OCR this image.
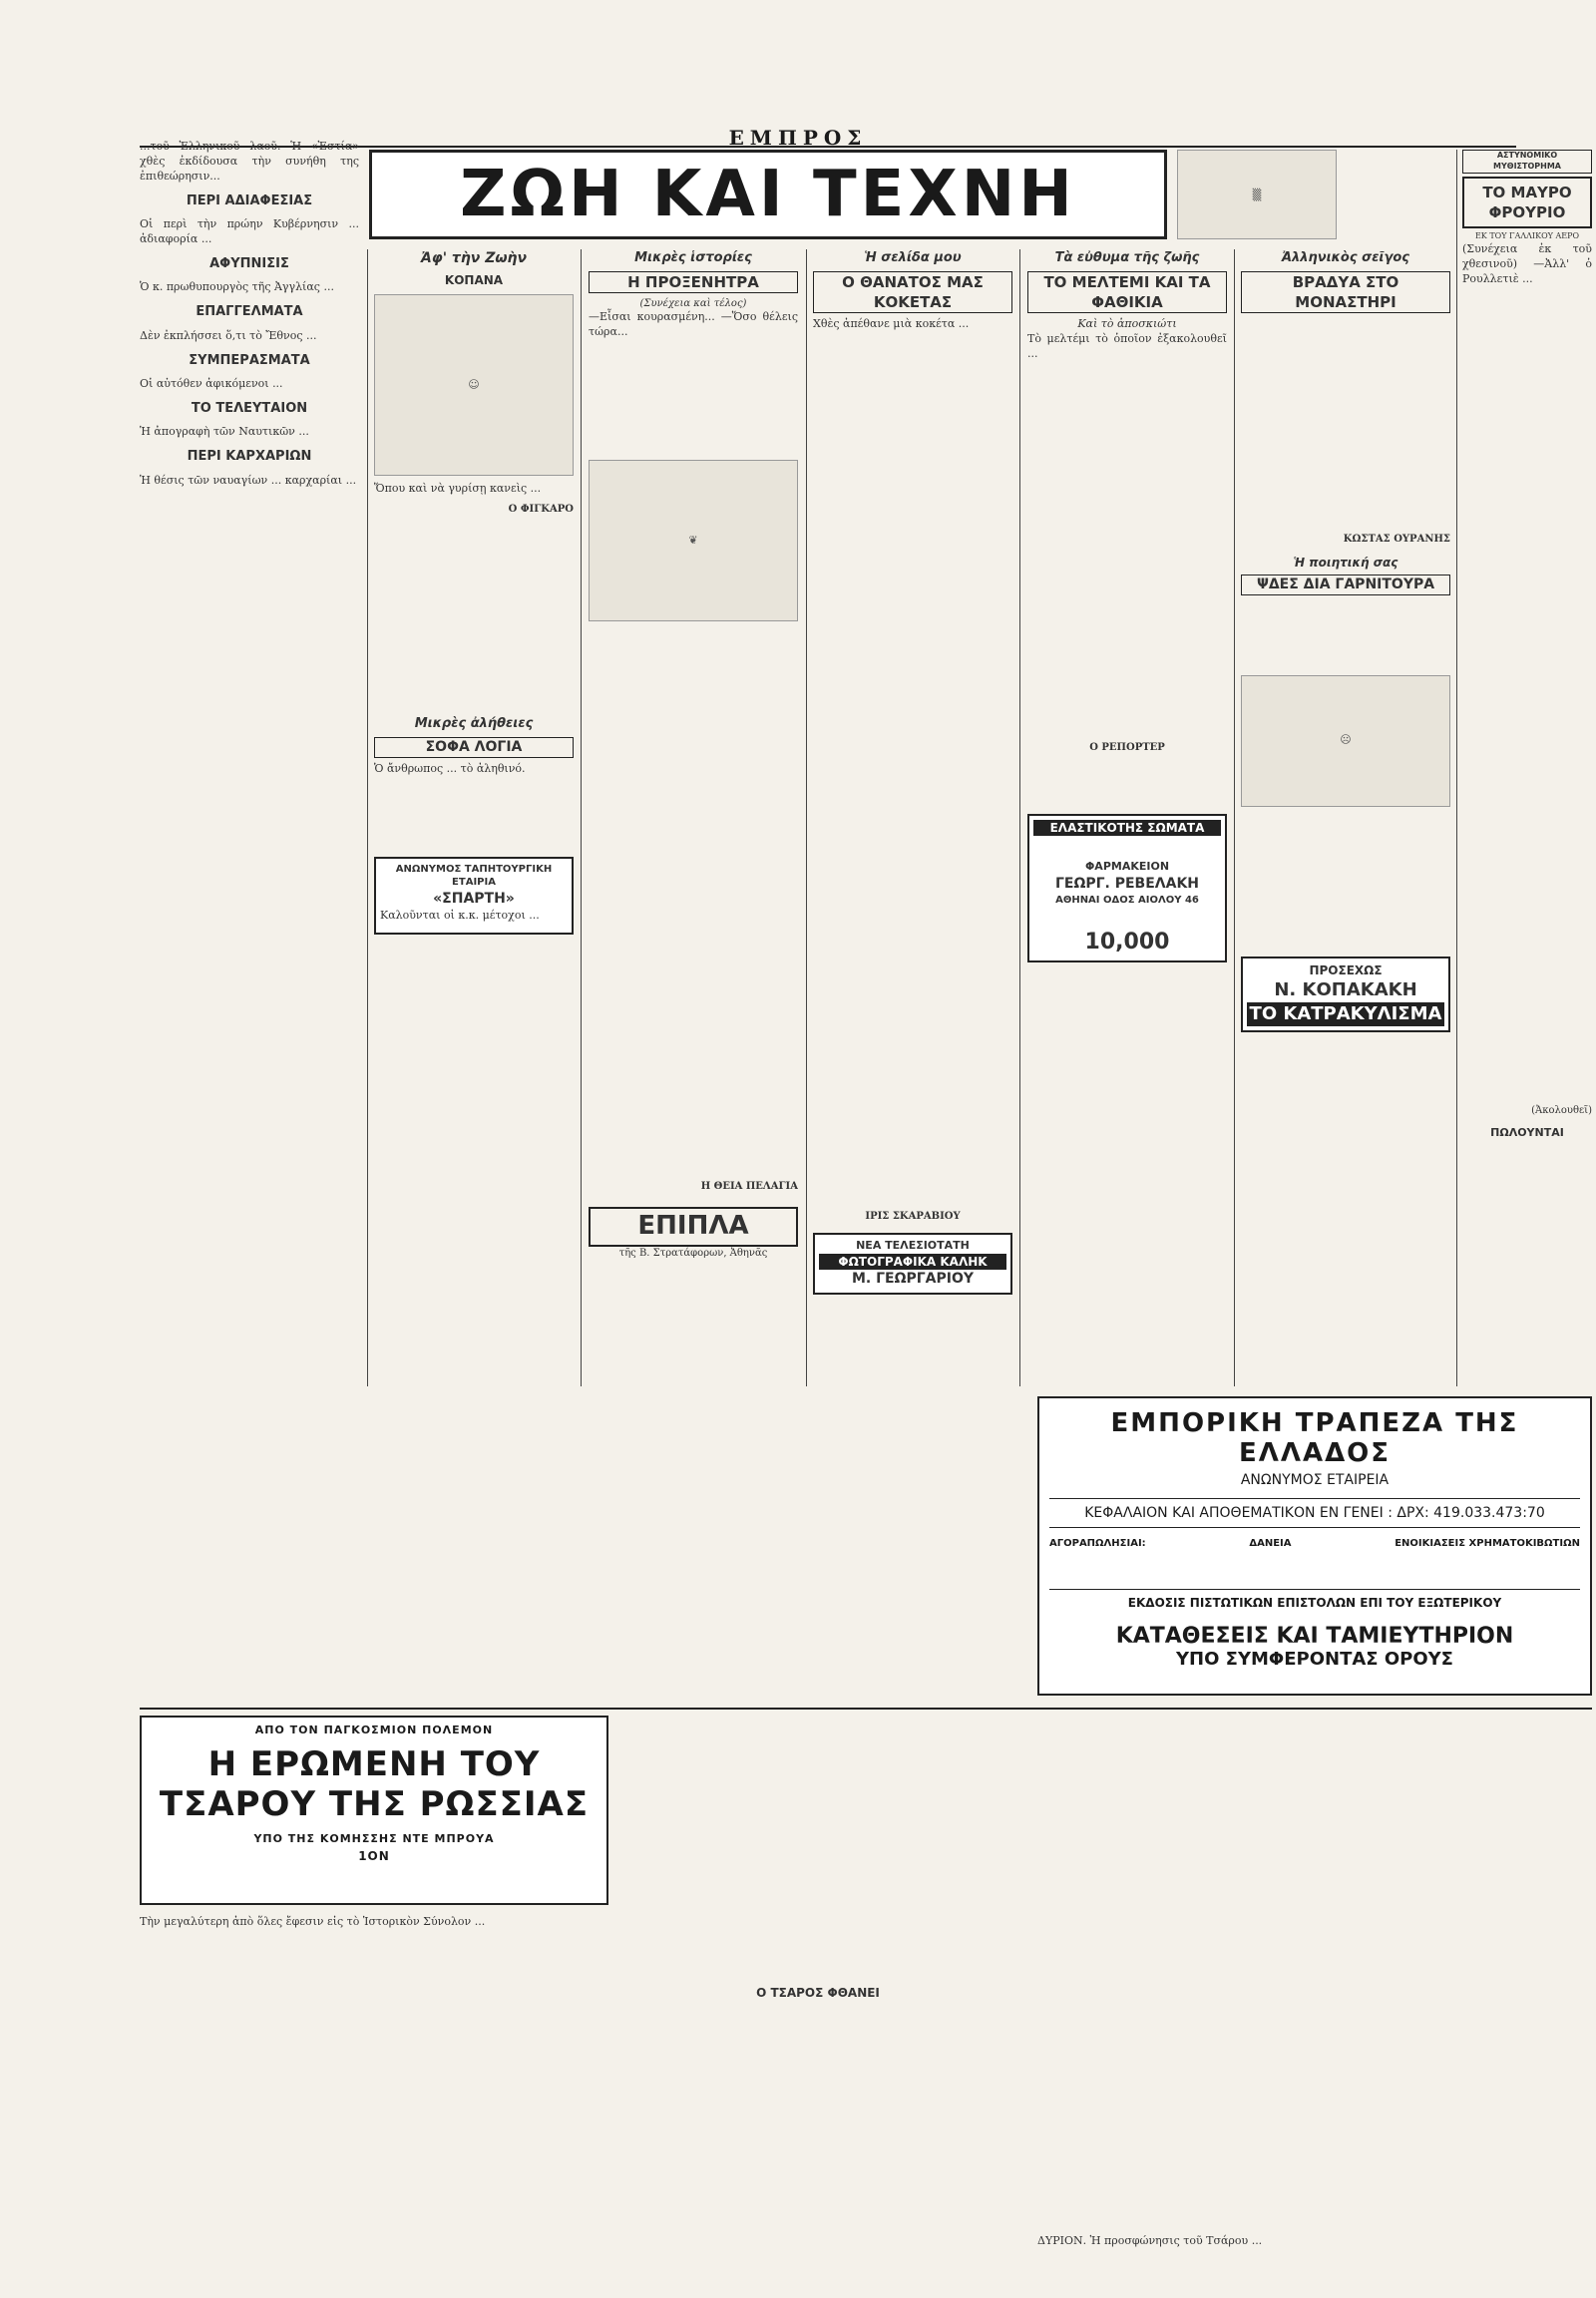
ΕΜΠΡΟΣ

...τοῦ Ἑλληνικοῦ λαοῦ. Ἡ «Ἑστία» χθὲς ἐκδίδουσα τὴν συνήθη της ἐπιθεώρησιν...

ΠΕΡΙ ΑΔΙΑΦΕΣΙΑΣ

Οἱ περὶ τὴν πρώην Κυβέρνησιν ... ἀδιαφορία ...

ΑΦΥΠΝΙΣΙΣ

Ὁ κ. πρωθυπουργὸς τῆς Ἀγγλίας ...

ΕΠΑΓΓΕΛΜΑΤΑ

Δὲν ἐκπλήσσει ὅ,τι τὸ Ἔθνος ...

ΣΥΜΠΕΡΑΣΜΑΤΑ

Οἱ αὐτόθεν ἀφικόμενοι ...

ΤΟ ΤΕΛΕΥΤΑΙΟΝ

Ἡ ἀπογραφὴ τῶν Ναυτικῶν ...

ΠΕΡΙ ΚΑΡΧΑΡΙΩΝ

Ἡ θέσις τῶν ναυαγίων ... καρχαρίαι ...

ΖΩΗ ΚΑΙ ΤΕΧΝΗ	▒
Ἀφ' τὴν Ζωὴν
ΚΟΠΑΝΑ
☺

Ὅπου καὶ νὰ γυρίσῃ κανεὶς ...

Ο ΦΙΓΚΑΡΟ
Μικρὲς ἀλήθειες
ΣΟΦΑ ΛΟΓΙΑ

Ὁ ἄνθρωπος ... τὸ ἀληθινό.

ΑΝΩΝΥΜΟΣ ΤΑΠΗΤΟΥΡΓΙΚΗ ΕΤΑΙΡΙΑ
«ΣΠΑΡΤΗ»

Καλοῦνται οἱ κ.κ. μέτοχοι ...

Μικρὲς ἱστορίες
Η ΠΡΟΞΕΝΗΤΡΑ
(Συνέχεια καὶ τέλος)

—Εἶσαι κουρασμένη... —Ὅσο θέλεις τώρα...

❦
Η ΘΕΙΑ ΠΕΛΑΓΙΑ
ΕΠΙΠΛΑ
τῆς Β. Στρατάφορων, Ἀθηνᾶς
Ἡ σελίδα μου
Ο ΘΑΝΑΤΟΣ ΜΑΣ ΚΟΚΕΤΑΣ

Χθὲς ἀπέθανε μιὰ κοκέτα ...

ΙΡΙΣ ΣΚΑΡΑΒΙΟΥ
ΝΕΑ ΤΕΛΕΣΙΟΤΑΤΗ
ΦΩΤΟΓΡΑΦΙΚΑ ΚΑΛΗΚ
Μ. ΓΕΩΡΓΑΡΙΟΥ
Τὰ εὐθυμα τῆς ζωῆς
ΤΟ ΜΕΛΤΕΜΙ ΚΑΙ ΤΑ ΦΑΘΙΚΙΑ
Καὶ τὸ ἀποσκιώτι

Τὸ μελτέμι τὸ ὁποῖον ἐξακολουθεῖ ...

Ο ΡΕΠΟΡΤΕΡ
ΕΛΑΣΤΙΚΟΤΗΣ ΣΩΜΑΤΑ
ΦΑΡΜΑΚΕΙΟΝ
ΓΕΩΡΓ. ΡΕΒΕΛΑΚΗ
ΑΘΗΝΑΙ ΟΔΟΣ ΑΙΟΛΟΥ 46
10,000
Ἀλληνικὸς σεῖγος
ΒΡΑΔΥΑ ΣΤΟ ΜΟΝΑΣΤΗΡΙ
ΚΩΣΤΑΣ ΟΥΡΑΝΗΣ
Ἡ ποιητική σας
ΨΔΕΣ ΔΙΑ ΓΑΡΝΙΤΟΥΡΑ
☹
ΠΡΟΣΕΧΩΣ
Ν. ΚΟΠΑΚΑΚΗ
ΤΟ ΚΑΤΡΑΚΥΛΙΣΜΑ
ΑΣΤΥΝΟΜΙΚΟ ΜΥΘΙΣΤΟΡΗΜΑ
ΤΟ ΜΑΥΡΟ ΦΡΟΥΡΙΟ
ΕΚ ΤΟΥ ΓΑΛΛΙΚΟΥ ΑΕΡΟ

(Συνέχεια ἐκ τοῦ χθεσινοῦ) —Ἀλλ' ὁ Ρουλλετιὲ ...

(Ἀκολουθεῖ)
ΠΩΛΟΥΝΤΑΙ
ΕΜΠΟΡΙΚΗ ΤΡΑΠΕΖΑ ΤΗΣ ΕΛΛΑΔΟΣ
ΑΝΩΝΥΜΟΣ ΕΤΑΙΡΕΙΑ
ΚΕΦΑΛΑΙΟΝ ΚΑΙ ΑΠΟΘΕΜΑΤΙΚΟΝ ΕΝ ΓΕΝΕΙ : ΔΡΧ: 419.033.473:70
ΑΓΟΡΑΠΩΛΗΣΙΑΙ:	ΔΑΝΕΙΑ	ΕΝΟΙΚΙΑΣΕΙΣ ΧΡΗΜΑΤΟΚΙΒΩΤΙΩΝ
ΕΚΔΟΣΙΣ ΠΙΣΤΩΤΙΚΩΝ ΕΠΙΣΤΟΛΩΝ ΕΠΙ ΤΟΥ ΕΞΩΤΕΡΙΚΟΥ
ΚΑΤΑΘΕΣΕΙΣ ΚΑΙ ΤΑΜΙΕΥΤΗΡΙΟΝ
ΥΠΟ ΣΥΜΦΕΡΟΝΤΑΣ ΟΡΟΥΣ
ΑΠΟ ΤΟΝ ΠΑΓΚΟΣΜΙΟΝ ΠΟΛΕΜΟΝ
Η ΕΡΩΜΕΝΗ ΤΟΥ
ΤΣΑΡΟΥ ΤΗΣ ΡΩΣΣΙΑΣ
ΥΠΟ ΤΗΣ ΚΟΜΗΣΣΗΣ ΝΤΕ ΜΠΡΟΥΑ
1ΟΝ

Τὴν μεγαλύτερη ἀπὸ ὅλες ἔφεσιν εἰς τὸ Ἱστορικὸν Σύνολον ...

Ο ΤΣΑΡΟΣ ΦΘΑΝΕΙ

ΔΥΡΙΟΝ. Ἡ προσφώνησις τοῦ Τσάρου ...
